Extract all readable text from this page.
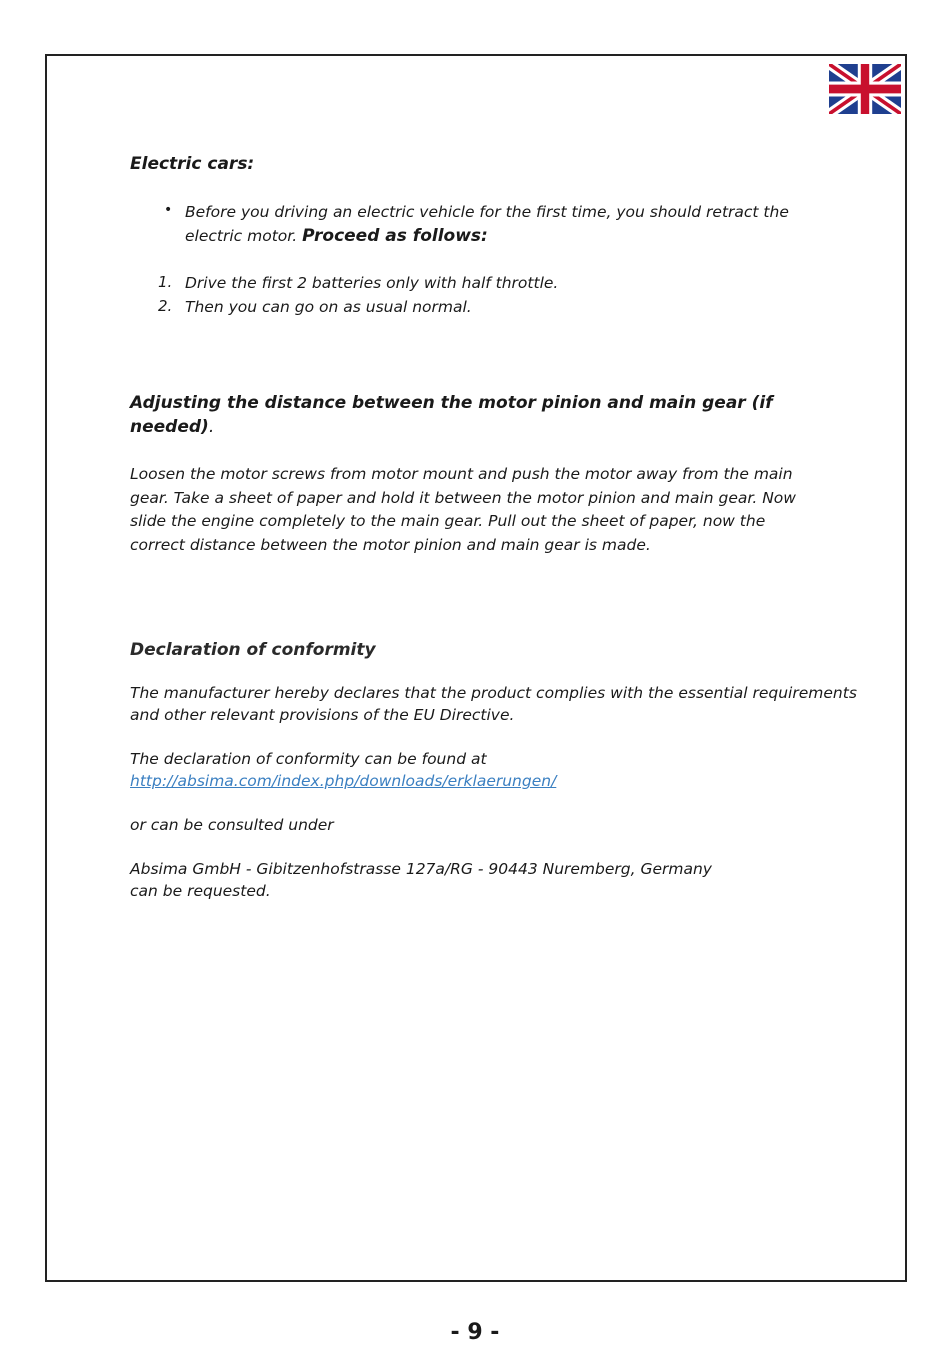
Electric cars:
• Before you driving an electric vehicle for the first time, you should retract the electric motor. Proceed as follows:
1. Drive the first 2 batteries only with half throttle.
2. Then you can go on as usual normal.
Adjusting the distance between the motor pinion and main gear (if needed).
Loosen the motor screws from motor mount and push the motor away from the main gear. Take a sheet of paper and hold it between the motor pinion and main gear. Now slide the engine completely to the main gear. Pull out the sheet of paper, now the correct distance between the motor pinion and main gear is made.
Declaration of conformity
The manufacturer hereby declares that the product complies with the essential requirements and other relevant provisions of the EU Directive.
The declaration of conformity can be found at
http://absima.com/index.php/downloads/erklaerungen/
or can be consulted under
Absima GmbH - Gibitzenhofstrasse 127a/RG - 90443 Nuremberg, Germany
can be requested.
- 9 -
